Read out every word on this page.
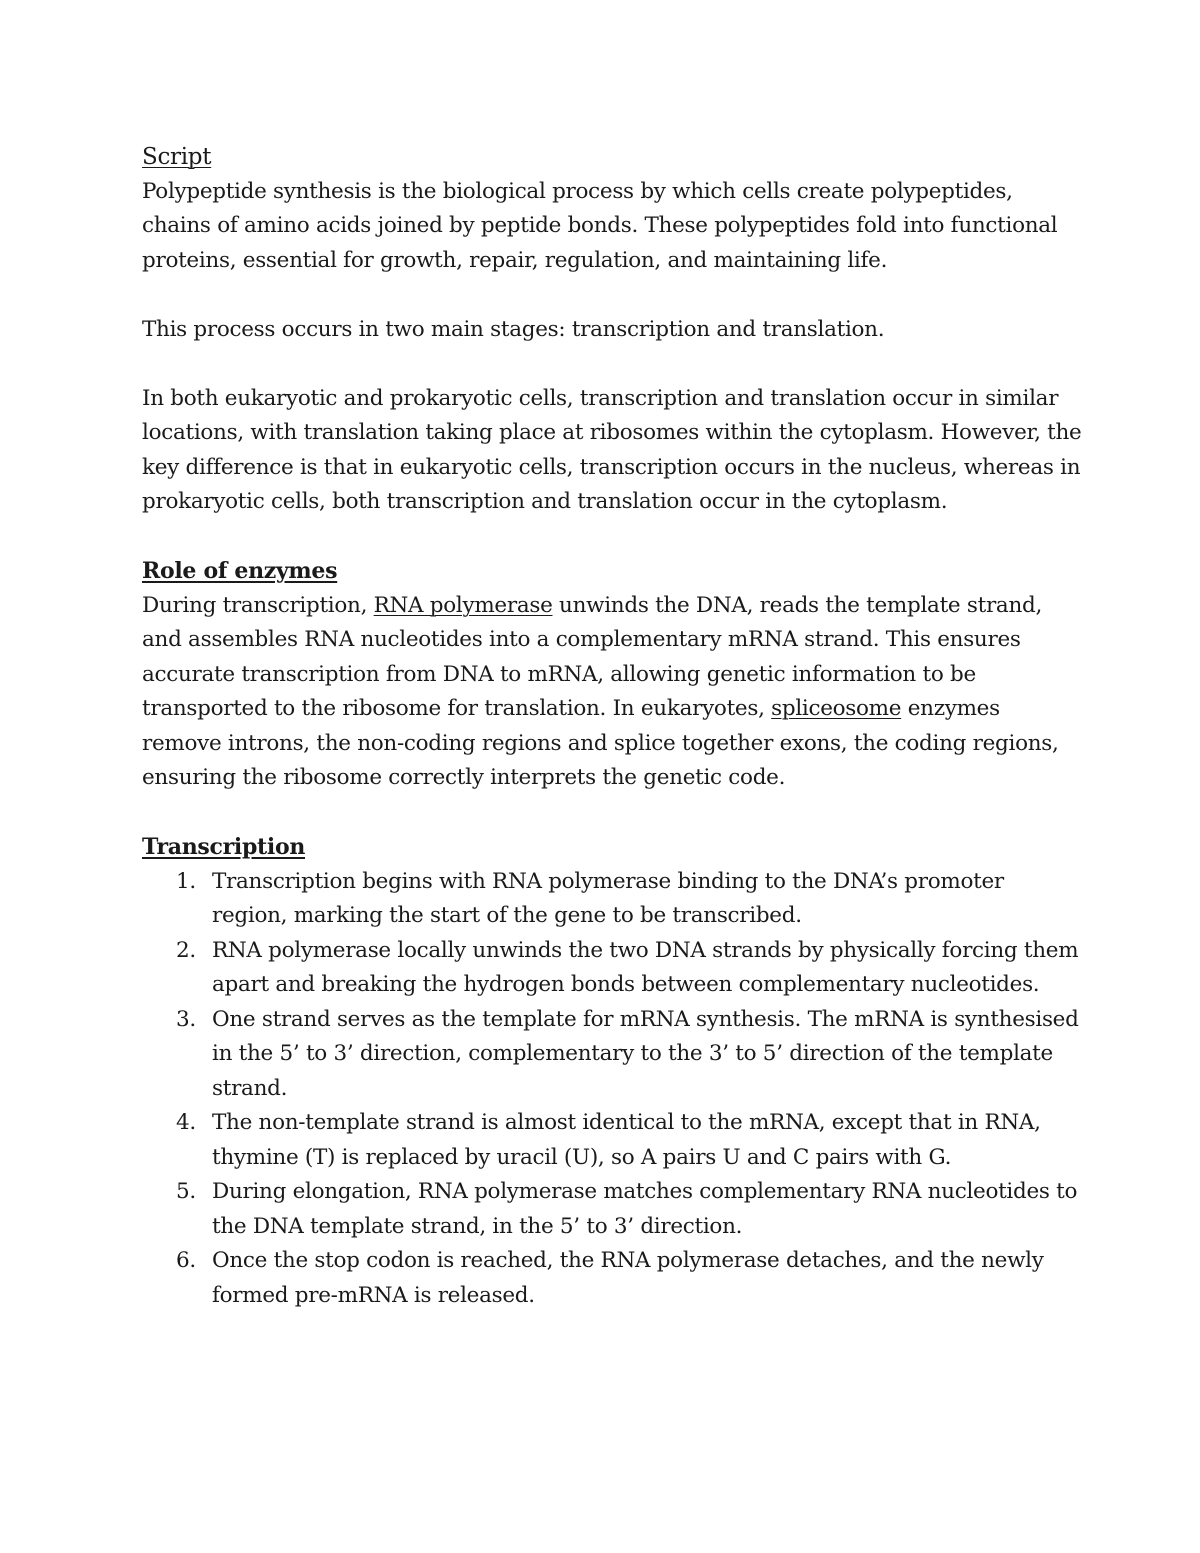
Script

Polypeptide synthesis is the biological process by which cells create polypeptides, chains of amino acids joined by peptide bonds. These polypeptides fold into functional proteins, essential for growth, repair, regulation, and maintaining life.

This process occurs in two main stages: transcription and translation.

In both eukaryotic and prokaryotic cells, transcription and translation occur in similar locations, with translation taking place at ribosomes within the cytoplasm. However, the key difference is that in eukaryotic cells, transcription occurs in the nucleus, whereas in prokaryotic cells, both transcription and translation occur in the cytoplasm.

Role of enzymes

During transcription, RNA polymerase unwinds the DNA, reads the template strand, and assembles RNA nucleotides into a complementary mRNA strand. This ensures accurate transcription from DNA to mRNA, allowing genetic information to be transported to the ribosome for translation. In eukaryotes, spliceosome enzymes remove introns, the non-coding regions and splice together exons, the coding regions, ensuring the ribosome correctly interprets the genetic code.

Transcription
1. Transcription begins with RNA polymerase binding to the DNA’s promoter region, marking the start of the gene to be transcribed.
2. RNA polymerase locally unwinds the two DNA strands by physically forcing them apart and breaking the hydrogen bonds between complementary nucleotides.
3. One strand serves as the template for mRNA synthesis. The mRNA is synthesised in the 5’ to 3’ direction, complementary to the 3’ to 5’ direction of the template strand.
4. The non-template strand is almost identical to the mRNA, except that in RNA, thymine (T) is replaced by uracil (U), so A pairs U and C pairs with G.
5. During elongation, RNA polymerase matches complementary RNA nucleotides to the DNA template strand, in the 5’ to 3’ direction.
6. Once the stop codon is reached, the RNA polymerase detaches, and the newly formed pre-mRNA is released.
